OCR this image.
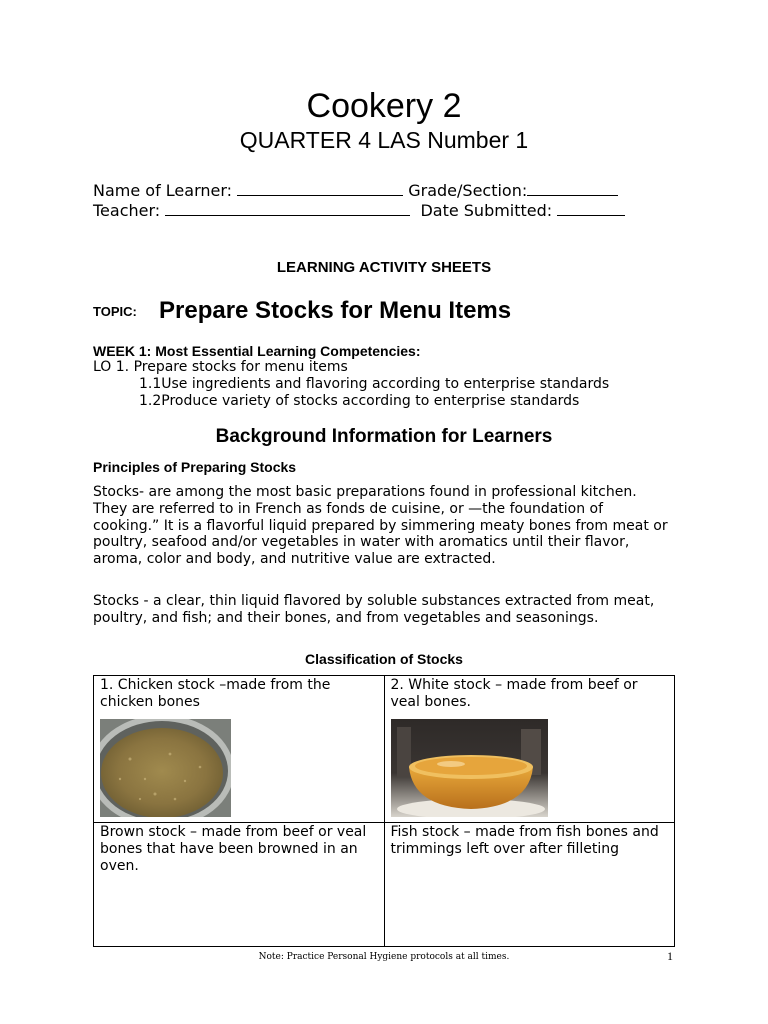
Cookery 2
QUARTER 4 LAS Number 1
Name of Learner:	Grade/Section:
Teacher:	Date Submitted:
LEARNING ACTIVITY SHEETS
TOPIC: Prepare Stocks for Menu Items
WEEK 1: Most Essential Learning Competencies:
LO 1. Prepare stocks for menu items
1.1Use ingredients and flavoring according to enterprise standards
1.2Produce variety of stocks according to enterprise standards
Background Information for Learners
Principles of Preparing Stocks
Stocks- are among the most basic preparations found in professional kitchen. They are referred to in French as fonds de cuisine, or —the foundation of cooking.” It is a flavorful liquid prepared by simmering meaty bones from meat or poultry, seafood and/or vegetables in water with aromatics until their flavor, aroma, color and body, and nutritive value are extracted.
Stocks - a clear, thin liquid flavored by soluble substances extracted from meat, poultry, and fish; and their bones, and from vegetables and seasonings.
Classification of Stocks
1. Chicken stock –made from the chicken bones	2. White stock – made from beef or veal bones.

Brown stock – made from beef or veal bones that have been browned in an oven.	Fish stock – made from fish bones and trimmings left over after filleting
Note: Practice Personal Hygiene protocols at all times.	1
